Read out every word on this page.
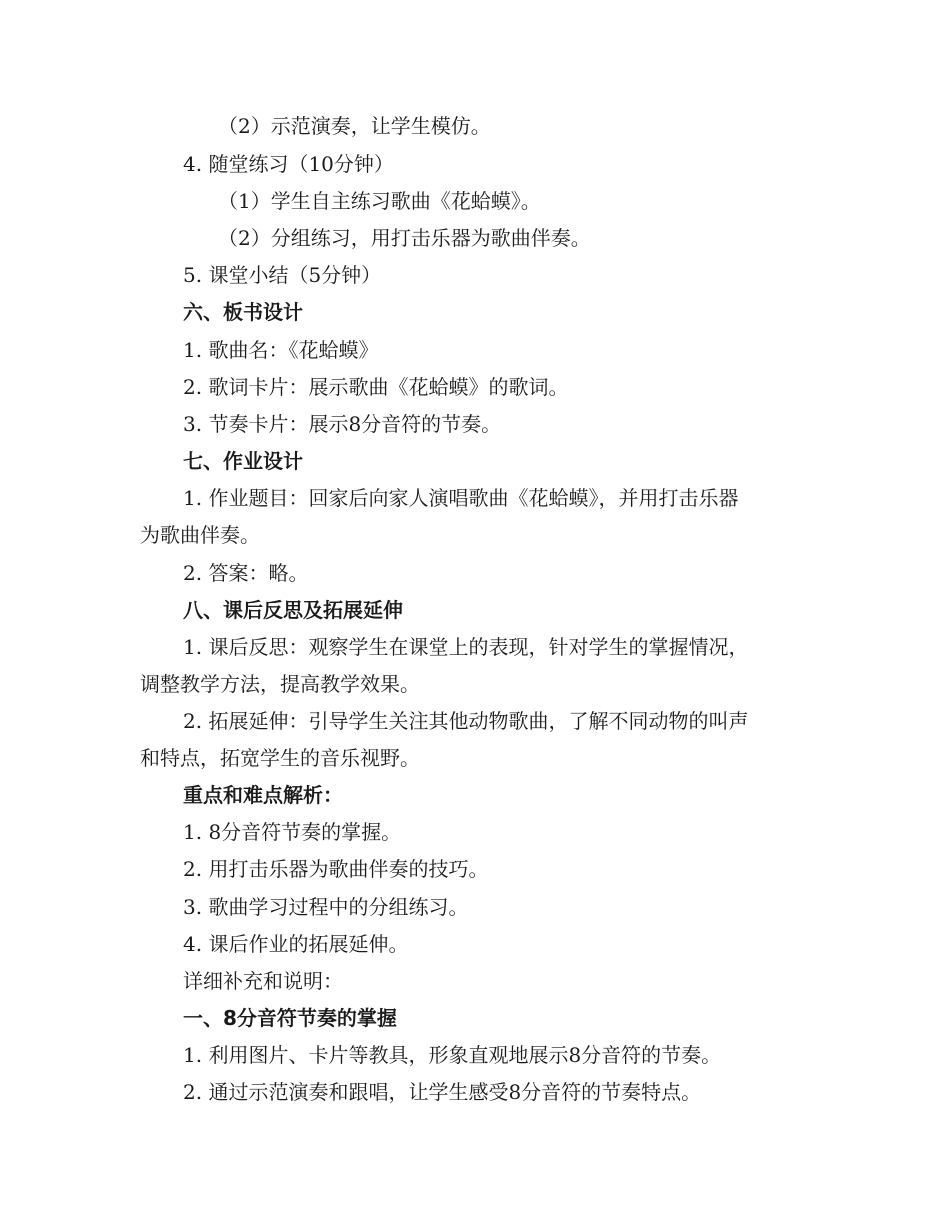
（2）示范演奏，让学生模仿。
4. 随堂练习（10分钟）
（1）学生自主练习歌曲《花蛤蟆》。
（2）分组练习，用打击乐器为歌曲伴奏。
5. 课堂小结（5分钟）
六、板书设计
1. 歌曲名：《花蛤蟆》
2. 歌词卡片：展示歌曲《花蛤蟆》的歌词。
3. 节奏卡片：展示8分音符的节奏。
七、作业设计
1. 作业题目：回家后向家人演唱歌曲《花蛤蟆》，并用打击乐器
为歌曲伴奏。
2. 答案：略。
八、课后反思及拓展延伸
1. 课后反思：观察学生在课堂上的表现，针对学生的掌握情况，
调整教学方法，提高教学效果。
2. 拓展延伸：引导学生关注其他动物歌曲，了解不同动物的叫声
和特点，拓宽学生的音乐视野。
重点和难点解析：
1. 8分音符节奏的掌握。
2. 用打击乐器为歌曲伴奏的技巧。
3. 歌曲学习过程中的分组练习。
4. 课后作业的拓展延伸。
详细补充和说明：
一、8分音符节奏的掌握
1. 利用图片、卡片等教具，形象直观地展示8分音符的节奏。
2. 通过示范演奏和跟唱，让学生感受8分音符的节奏特点。
